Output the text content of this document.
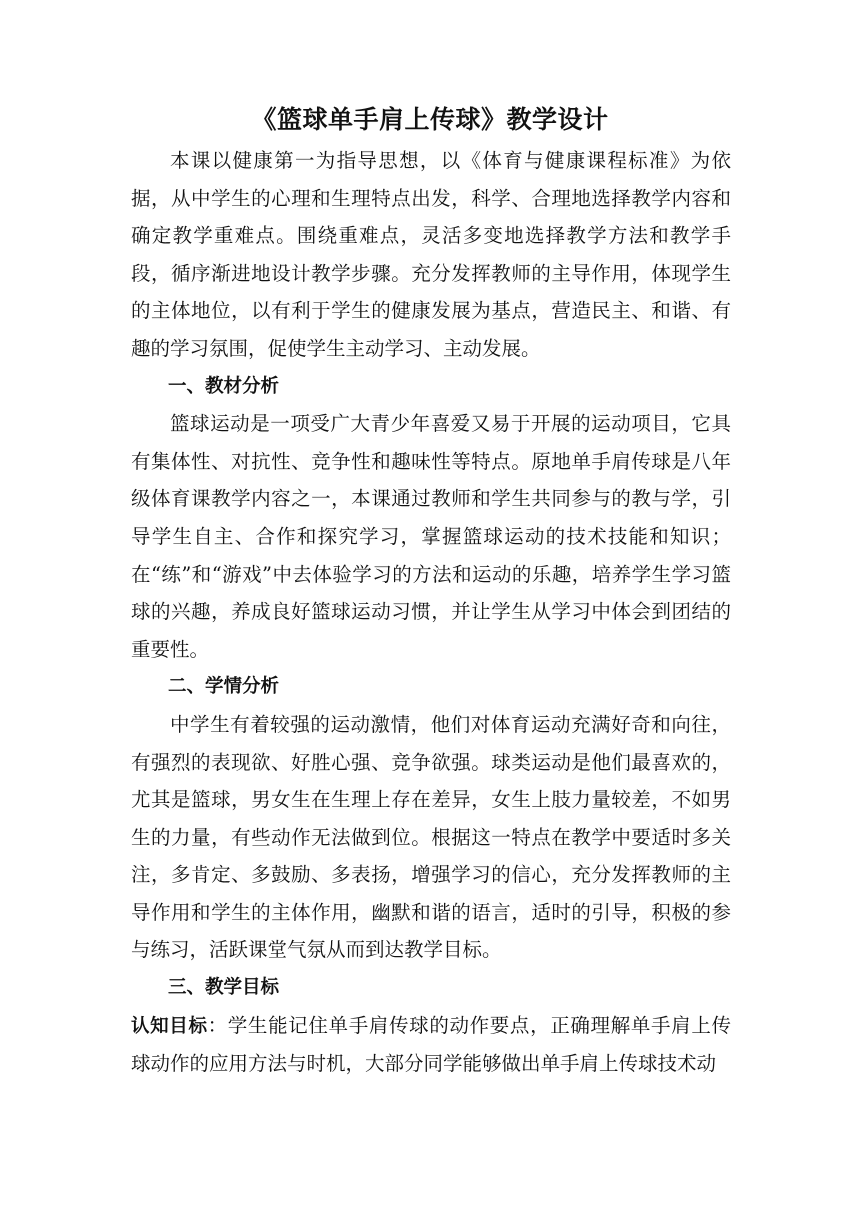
《篮球单手肩上传球》教学设计

本课以健康第一为指导思想，以《体育与健康课程标准》为依据，从中学生的心理和生理特点出发，科学、合理地选择教学内容和确定教学重难点。围绕重难点，灵活多变地选择教学方法和教学手段，循序渐进地设计教学步骤。充分发挥教师的主导作用，体现学生的主体地位，以有利于学生的健康发展为基点，营造民主、和谐、有趣的学习氛围，促使学生主动学习、主动发展。

一、教材分析

篮球运动是一项受广大青少年喜爱又易于开展的运动项目，它具有集体性、对抗性、竞争性和趣味性等特点。原地单手肩传球是八年级体育课教学内容之一，本课通过教师和学生共同参与的教与学，引导学生自主、合作和探究学习，掌握篮球运动的技术技能和知识；在“练”和“游戏”中去体验学习的方法和运动的乐趣，培养学生学习篮球的兴趣，养成良好篮球运动习惯，并让学生从学习中体会到团结的重要性。

二、学情分析

中学生有着较强的运动激情，他们对体育运动充满好奇和向往，有强烈的表现欲、好胜心强、竞争欲强。球类运动是他们最喜欢的，尤其是篮球，男女生在生理上存在差异，女生上肢力量较差，不如男生的力量，有些动作无法做到位。根据这一特点在教学中要适时多关注，多肯定、多鼓励、多表扬，增强学习的信心，充分发挥教师的主导作用和学生的主体作用，幽默和谐的语言，适时的引导，积极的参与练习，活跃课堂气氛从而到达教学目标。

三、教学目标

认知目标：学生能记住单手肩传球的动作要点，正确理解单手肩上传球动作的应用方法与时机，大部分同学能够做出单手肩上传球技术动
